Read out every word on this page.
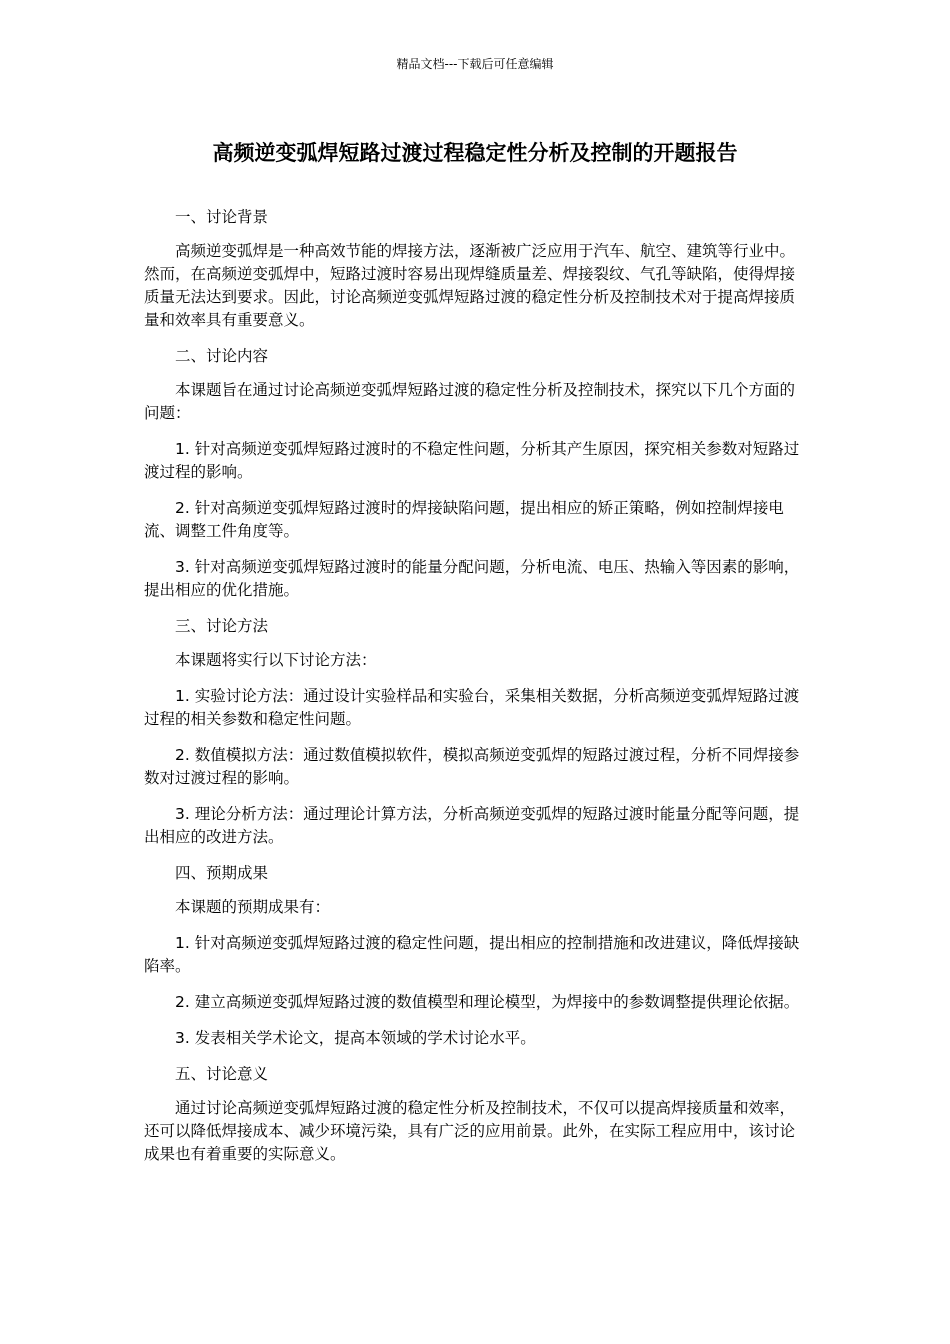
精品文档---下载后可任意编辑
高频逆变弧焊短路过渡过程稳定性分析及控制的开题报告

一、讨论背景

高频逆变弧焊是一种高效节能的焊接方法，逐渐被广泛应用于汽车、航空、建筑等行业中。然而，在高频逆变弧焊中，短路过渡时容易出现焊缝质量差、焊接裂纹、气孔等缺陷，使得焊接质量无法达到要求。因此，讨论高频逆变弧焊短路过渡的稳定性分析及控制技术对于提高焊接质量和效率具有重要意义。

二、讨论内容

本课题旨在通过讨论高频逆变弧焊短路过渡的稳定性分析及控制技术，探究以下几个方面的问题：

1. 针对高频逆变弧焊短路过渡时的不稳定性问题，分析其产生原因，探究相关参数对短路过渡过程的影响。

2. 针对高频逆变弧焊短路过渡时的焊接缺陷问题，提出相应的矫正策略，例如控制焊接电流、调整工件角度等。

3. 针对高频逆变弧焊短路过渡时的能量分配问题，分析电流、电压、热输入等因素的影响，提出相应的优化措施。

三、讨论方法

本课题将实行以下讨论方法：

1. 实验讨论方法：通过设计实验样品和实验台，采集相关数据，分析高频逆变弧焊短路过渡过程的相关参数和稳定性问题。

2. 数值模拟方法：通过数值模拟软件，模拟高频逆变弧焊的短路过渡过程，分析不同焊接参数对过渡过程的影响。

3. 理论分析方法：通过理论计算方法，分析高频逆变弧焊的短路过渡时能量分配等问题，提出相应的改进方法。

四、预期成果

本课题的预期成果有：

1. 针对高频逆变弧焊短路过渡的稳定性问题，提出相应的控制措施和改进建议，降低焊接缺陷率。

2. 建立高频逆变弧焊短路过渡的数值模型和理论模型，为焊接中的参数调整提供理论依据。

3. 发表相关学术论文，提高本领域的学术讨论水平。

五、讨论意义

通过讨论高频逆变弧焊短路过渡的稳定性分析及控制技术，不仅可以提高焊接质量和效率，还可以降低焊接成本、减少环境污染，具有广泛的应用前景。此外，在实际工程应用中，该讨论成果也有着重要的实际意义。
